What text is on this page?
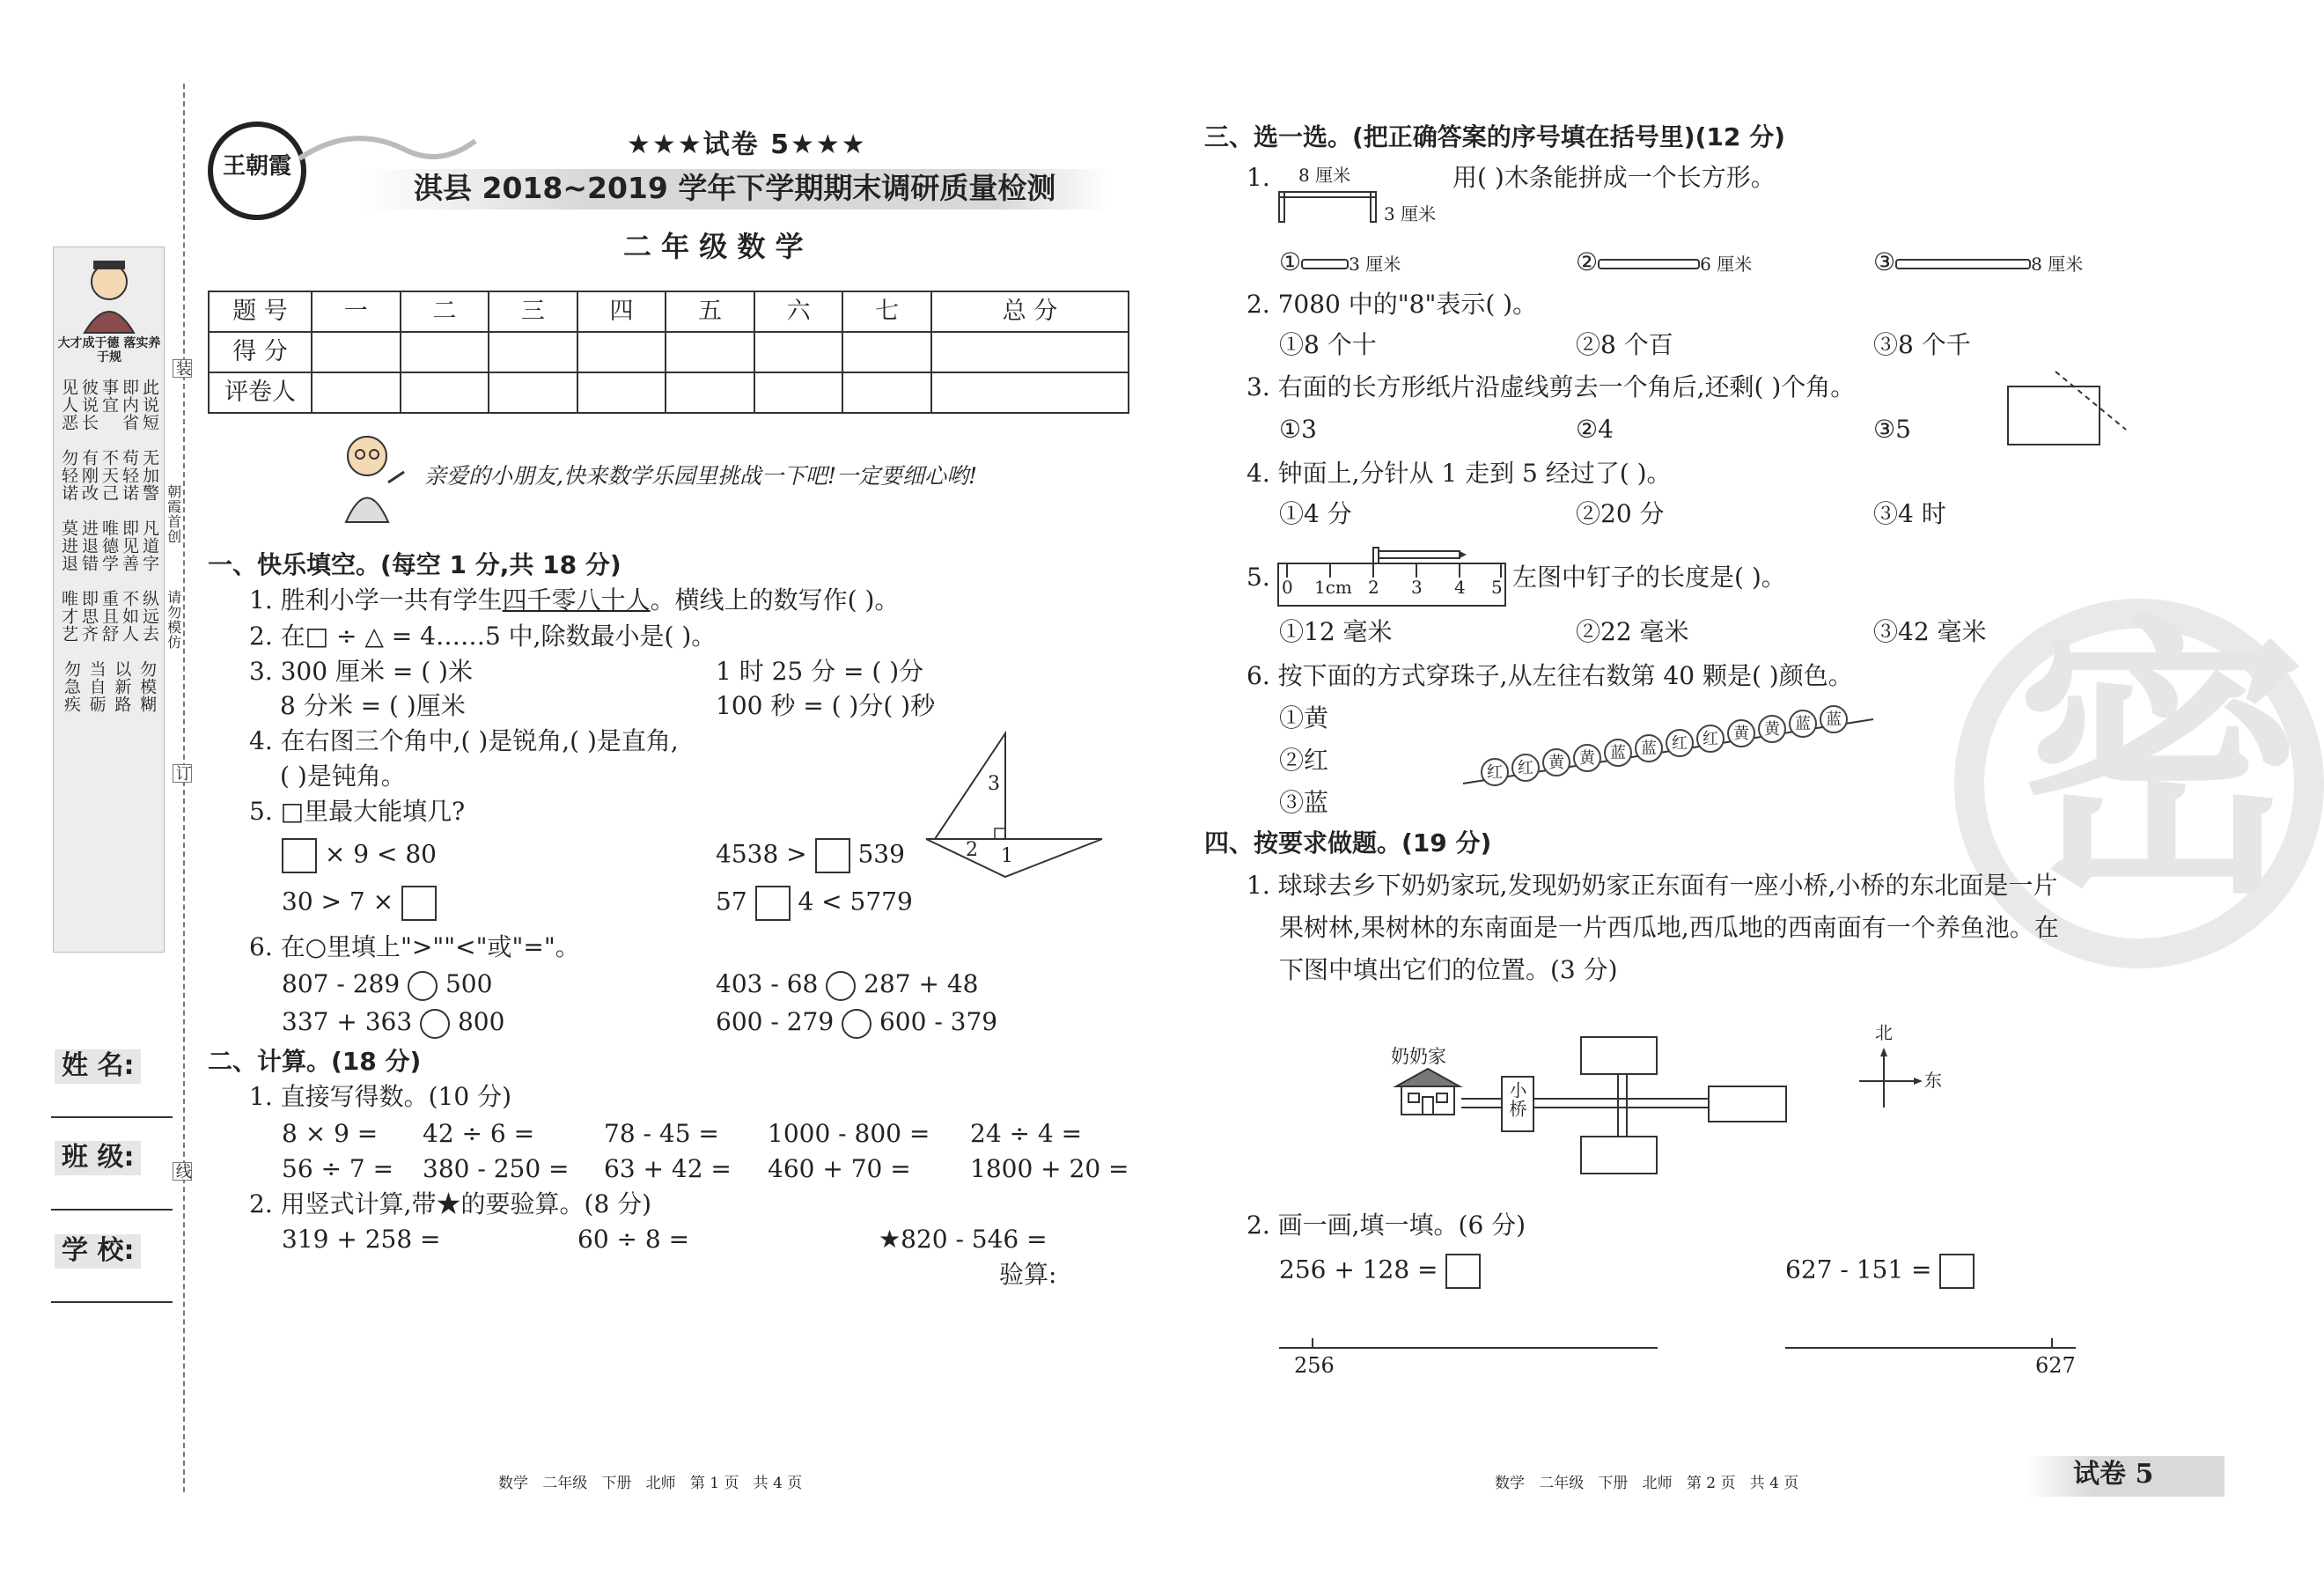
密
大才成于德 落实养于规
见人恶 彼说长 事宜 即内省 此说短
勿轻诺 有刚改 不天己 苟轻诺 无加警
莫进退 进退错 唯德学 即见善 凡道字
唯才艺 即思齐 重且舒 不如人 纵远去
勿急疾 当自砺 以新路 勿模糊
装
订
线
朝霞首创
请勿模仿
姓 名:
班 级:
学 校:
王朝霞
★★★试卷 5★★★
淇县 2018~2019 学年下学期期末调研质量检测
二 年 级 数 学
题 号	一	二	三	四	五	六	七	总 分
得 分								
评卷人								
亲爱的小朋友,快来数学乐园里挑战一下吧!一定要细心哟!
一、快乐填空。(每空 1 分,共 18 分)
1. 胜利小学一共有学生四千零八十人。横线上的数写作( )。
2. 在□ ÷ △ = 4……5 中,除数最小是( )。
3. 300 厘米 = ( )米	1 时 25 分 = ( )分
8 分米 = ( )厘米	100 秒 = ( )分( )秒
4. 在右图三个角中,( )是锐角,( )是直角,
( )是钝角。	3
2 1
5. □里最大能填几?
× 9 < 80	4538 > 539
30 > 7 ×	57 4 < 5779
6. 在○里填上">""<"或"="。
807 - 289 500	403 - 68 287 + 48
337 + 363 800	600 - 279 600 - 379
二、计算。(18 分)
1. 直接写得数。(10 分)
8 × 9 = 42 ÷ 6 =	78 - 45 = 1000 - 800 = 24 ÷ 4 =
56 ÷ 7 = 380 - 250 = 63 + 42 = 460 + 70 = 1800 + 20 =
2. 用竖式计算,带★的要验算。(8 分)
319 + 258 =	60 ÷ 8 =	★820 - 546 =
验算:
三、选一选。(把正确答案的序号填在括号里)(12 分)
1. 8 厘米
3 厘米
用( )木条能拼成一个长方形。
①	3 厘米	②	6 厘米	③	8 厘米
2. 7080 中的"8"表示( )。
①8 个十	②8 个百	③8 个千
3. 右面的长方形纸片沿虚线剪去一个角后,还剩( )个角。
①3	②4	③5
4. 钟面上,分针从 1 走到 5 经过了( )。
①4 分	②20 分	③4 时
5. 0 1cm 2 3 4 5 左图中钉子的长度是( )。
①12 毫米	②22 毫米	③42 毫米
6. 按下面的方式穿珠子,从左往右数第 40 颗是( )颜色。
①黄
②红
③蓝
红 红 黄 黄 蓝 蓝 红 红 黄 黄 蓝 蓝
四、按要求做题。(19 分)
1. 球球去乡下奶奶家玩,发现奶奶家正东面有一座小桥,小桥的东北面是一片
果树林,果树林的东南面是一片西瓜地,西瓜地的西南面有一个养鱼池。在
下图中填出它们的位置。(3 分)
奶奶家
小桥
北
东
2. 画一画,填一填。(6 分)
256 + 128 =	627 - 151 =
256	627
数学   二年级   下册   北师   第 1 页   共 4 页	数学   二年级   下册   北师   第 2 页   共 4 页	试卷 5
